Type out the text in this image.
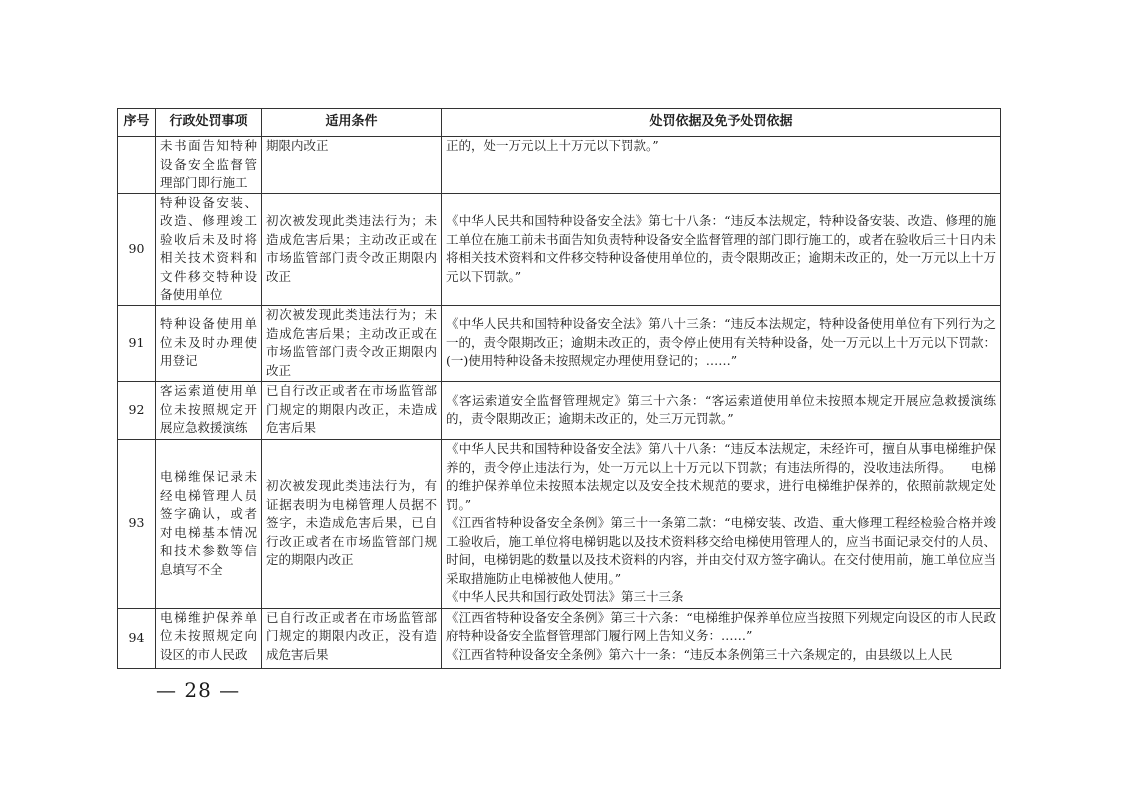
序号	行政处罚事项	适用条件	处罚依据及免予处罚依据
	未书面告知特种设备安全监督管理部门即行施工	期限内改正	正的，处一万元以上十万元以下罚款。”

90	特种设备安装、改造、修理竣工验收后未及时将相关技术资料和文件移交特种设备使用单位	初次被发现此类违法行为；未造成危害后果；主动改正或在市场监管部门责令改正期限内改正	《中华人民共和国特种设备安全法》第七十八条：“违反本法规定，特种设备安装、改造、修理的施工单位在施工前未书面告知负责特种设备安全监督管理的部门即行施工的，或者在验收后三十日内未将相关技术资料和文件移交特种设备使用单位的，责令限期改正；逾期未改正的，处一万元以上十万元以下罚款。”

91	特种设备使用单位未及时办理使用登记	初次被发现此类违法行为；未造成危害后果；主动改正或在市场监管部门责令改正期限内改正	《中华人民共和国特种设备安全法》第八十三条：“违反本法规定，特种设备使用单位有下列行为之一的，责令限期改正；逾期未改正的，责令停止使用有关特种设备，处一万元以上十万元以下罚款：(一)使用特种设备未按照规定办理使用登记的；……”

92	客运索道使用单位未按照规定开展应急救援演练	已自行改正或者在市场监管部门规定的期限内改正，未造成危害后果	《客运索道安全监督管理规定》第三十六条：“客运索道使用单位未按照本规定开展应急救援演练的，责令限期改正；逾期未改正的，处三万元罚款。”

93	电梯维保记录未经电梯管理人员签字确认，或者对电梯基本情况和技术参数等信息填写不全	初次被发现此类违法行为，有证据表明为电梯管理人员据不签字，未造成危害后果，已自行改正或者在市场监管部门规定的期限内改正	《中华人民共和国特种设备安全法》第八十八条：“违反本法规定，未经许可，擅自从事电梯维护保养的，责令停止违法行为，处一万元以上十万元以下罚款；有违法所得的，没收违法所得。　　电梯的维护保养单位未按照本法规定以及安全技术规范的要求，进行电梯维护保养的，依照前款规定处罚。”

《江西省特种设备安全条例》第三十一条第二款：“电梯安装、改造、重大修理工程经检验合格并竣工验收后，施工单位将电梯钥匙以及技术资料移交给电梯使用管理人的，应当书面记录交付的人员、时间，电梯钥匙的数量以及技术资料的内容，并由交付双方签字确认。在交付使用前，施工单位应当采取措施防止电梯被他人使用。”

《中华人民共和国行政处罚法》第三十三条

94	电梯维护保养单位未按照规定向设区的市人民政	已自行改正或者在市场监管部门规定的期限内改正，没有造成危害后果	《江西省特种设备安全条例》第三十六条：“电梯维护保养单位应当按照下列规定向设区的市人民政府特种设备安全监督管理部门履行网上告知义务：……”

《江西省特种设备安全条例》第六十一条：“违反本条例第三十六条规定的，由县级以上人民

— 28 —
